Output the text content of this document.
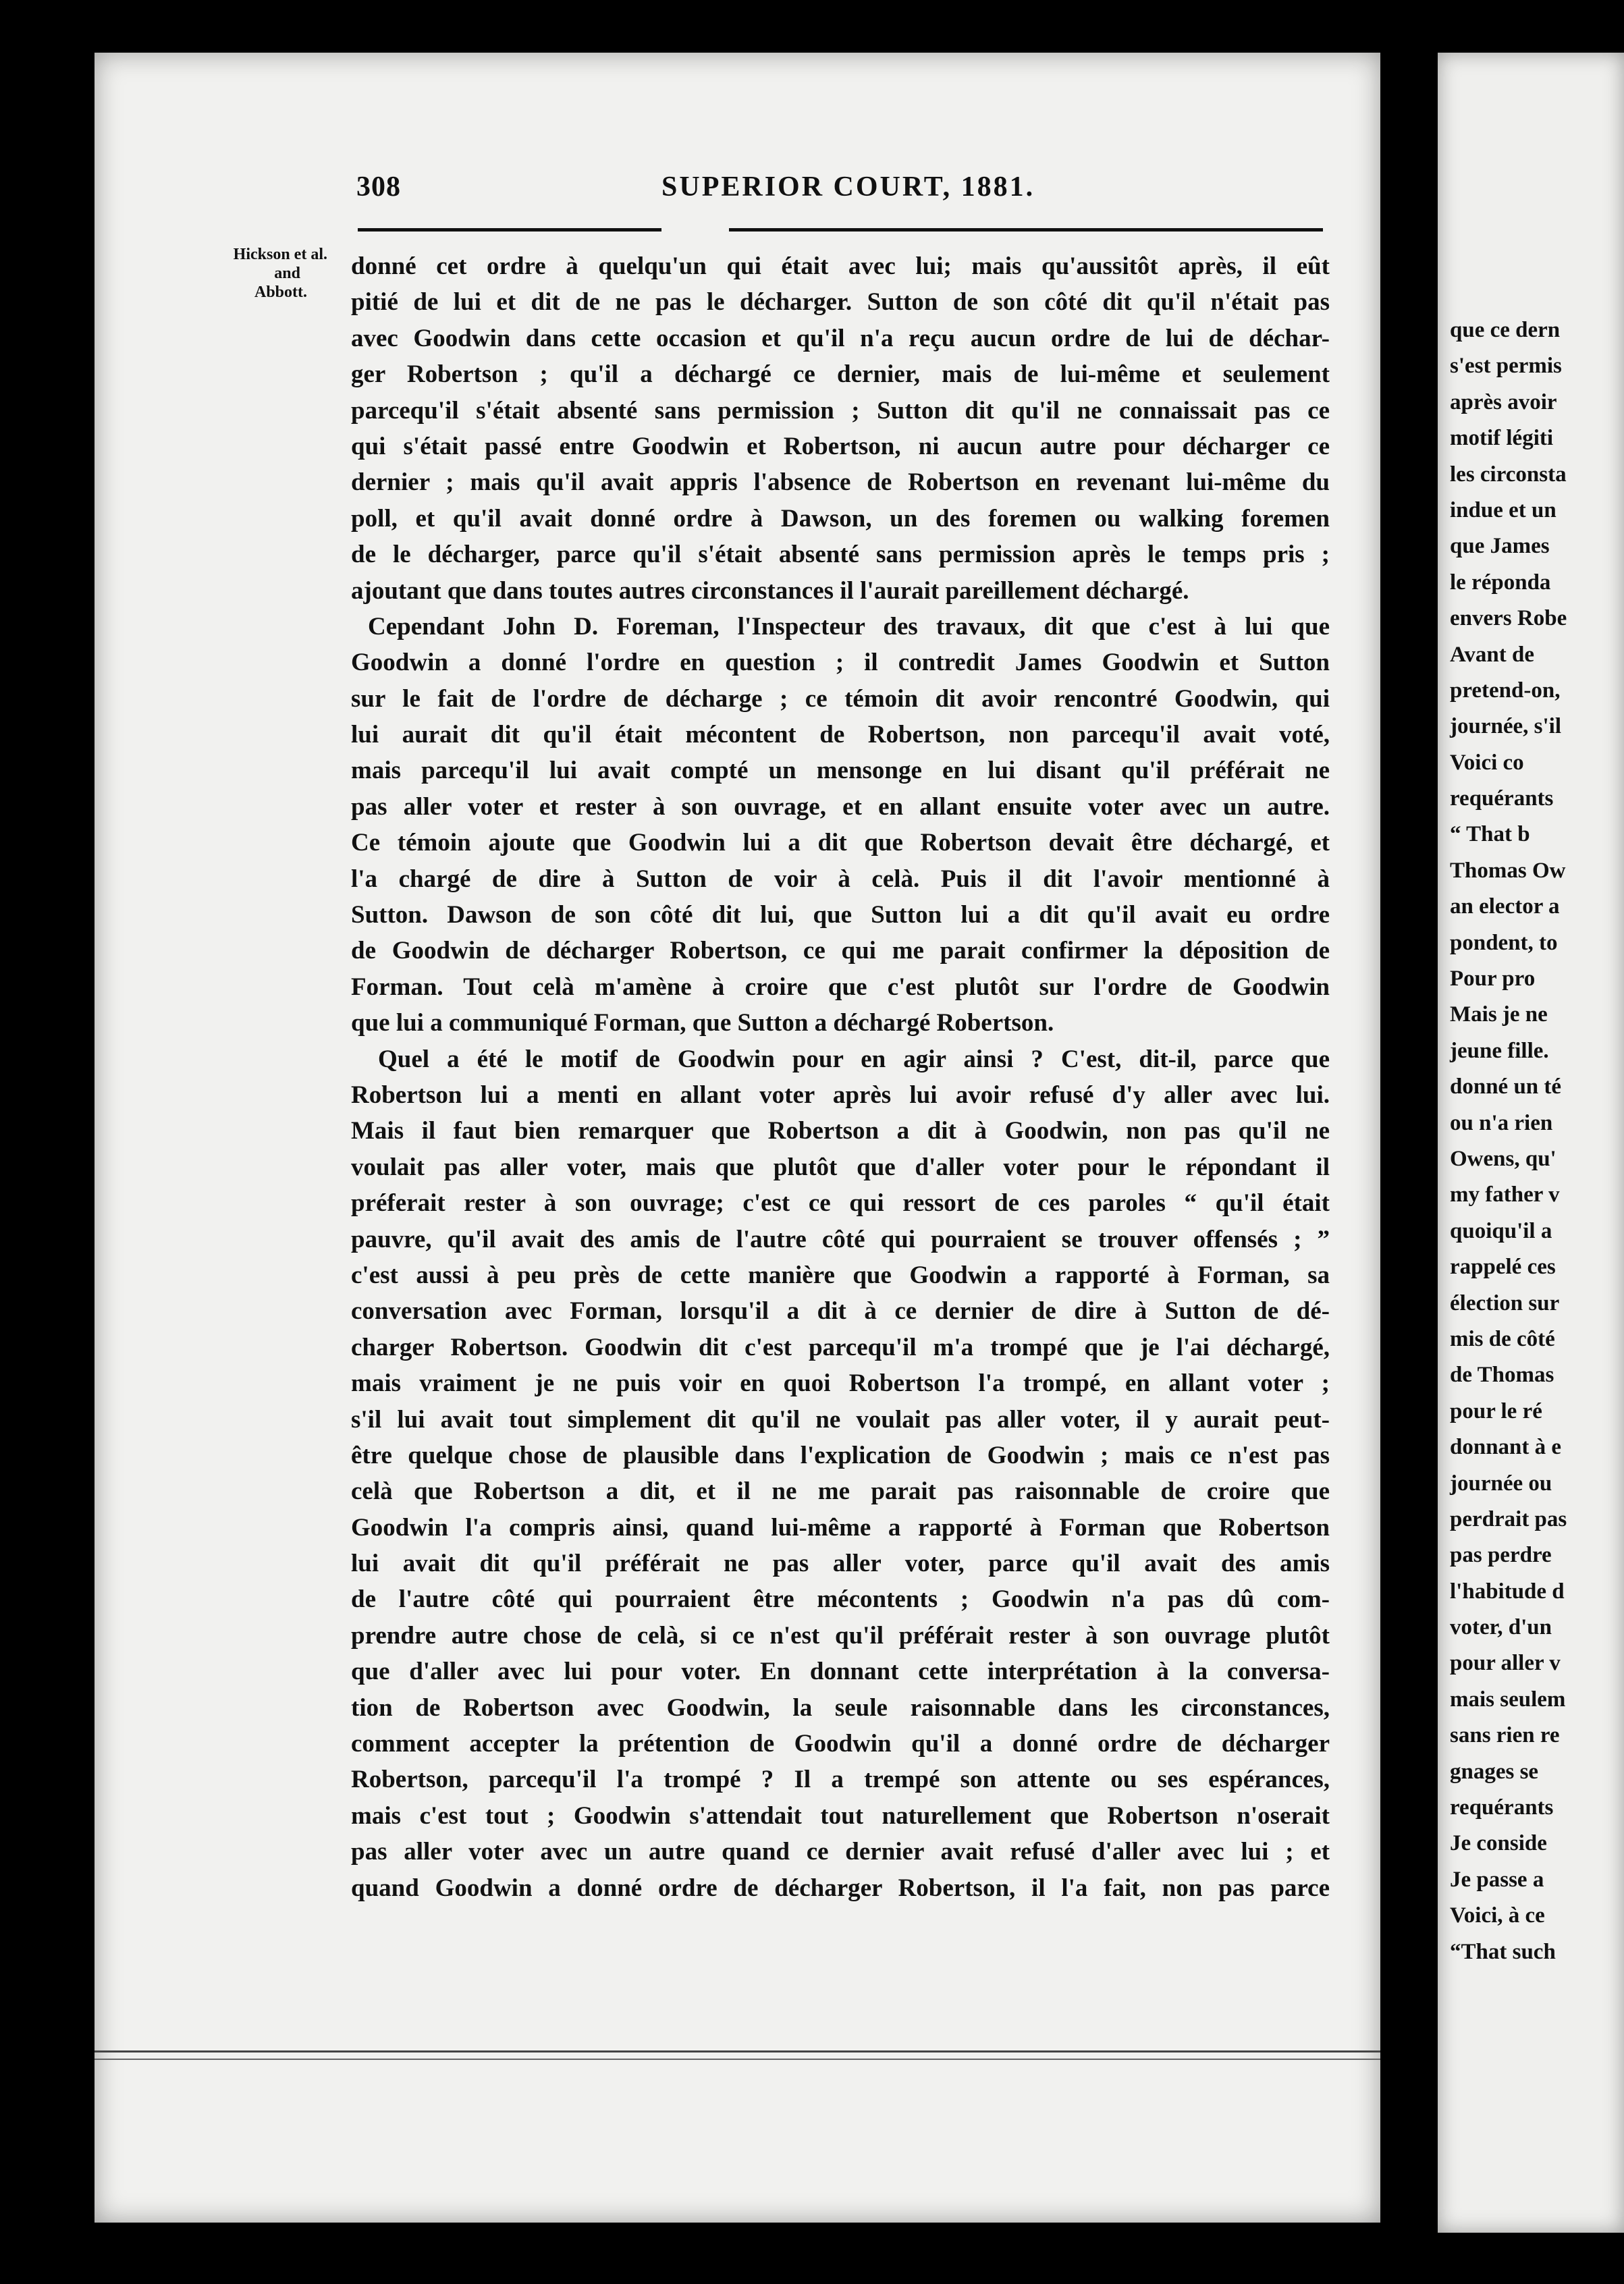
308	SUPERIOR COURT, 1881.
Hickson et al.
and
Abbott.
donné cet ordre à quelqu'un qui était avec lui; mais qu'aussitôt après, il eût
pitié de lui et dit de ne pas le décharger. Sutton de son côté dit qu'il n'était pas
avec Goodwin dans cette occasion et qu'il n'a reçu aucun ordre de lui de déchar-
ger Robertson ; qu'il a déchargé ce dernier, mais de lui-même et seulement
parcequ'il s'était absenté sans permission ; Sutton dit qu'il ne connaissait pas ce
qui s'était passé entre Goodwin et Robertson, ni aucun autre pour décharger ce
dernier ; mais qu'il avait appris l'absence de Robertson en revenant lui-même du
poll, et qu'il avait donné ordre à Dawson, un des foremen ou walking foremen
de le décharger, parce qu'il s'était absenté sans permission après le temps pris ;
ajoutant que dans toutes autres circonstances il l'aurait pareillement déchargé.
Cependant John D. Foreman, l'Inspecteur des travaux, dit que c'est à lui que
Goodwin a donné l'ordre en question ; il contredit James Goodwin et Sutton
sur le fait de l'ordre de décharge ; ce témoin dit avoir rencontré Goodwin, qui
lui aurait dit qu'il était mécontent de Robertson, non parcequ'il avait voté,
mais parcequ'il lui avait compté un mensonge en lui disant qu'il préférait ne
pas aller voter et rester à son ouvrage, et en allant ensuite voter avec un autre.
Ce témoin ajoute que Goodwin lui a dit que Robertson devait être déchargé, et
l'a chargé de dire à Sutton de voir à celà. Puis il dit l'avoir mentionné à
Sutton. Dawson de son côté dit lui, que Sutton lui a dit qu'il avait eu ordre
de Goodwin de décharger Robertson, ce qui me parait confirmer la déposition de
Forman. Tout celà m'amène à croire que c'est plutôt sur l'ordre de Goodwin
que lui a communiqué Forman, que Sutton a déchargé Robertson.
Quel a été le motif de Goodwin pour en agir ainsi ? C'est, dit-il, parce que
Robertson lui a menti en allant voter après lui avoir refusé d'y aller avec lui.
Mais il faut bien remarquer que Robertson a dit à Goodwin, non pas qu'il ne
voulait pas aller voter, mais que plutôt que d'aller voter pour le répondant il
préferait rester à son ouvrage; c'est ce qui ressort de ces paroles “ qu'il était
pauvre, qu'il avait des amis de l'autre côté qui pourraient se trouver offensés ; ”
c'est aussi à peu près de cette manière que Goodwin a rapporté à Forman, sa
conversation avec Forman, lorsqu'il a dit à ce dernier de dire à Sutton de dé-
charger Robertson. Goodwin dit c'est parcequ'il m'a trompé que je l'ai déchargé,
mais vraiment je ne puis voir en quoi Robertson l'a trompé, en allant voter ;
s'il lui avait tout simplement dit qu'il ne voulait pas aller voter, il y aurait peut-
être quelque chose de plausible dans l'explication de Goodwin ; mais ce n'est pas
celà que Robertson a dit, et il ne me parait pas raisonnable de croire que
Goodwin l'a compris ainsi, quand lui-même a rapporté à Forman que Robertson
lui avait dit qu'il préférait ne pas aller voter, parce qu'il avait des amis
de l'autre côté qui pourraient être mécontents ; Goodwin n'a pas dû com-
prendre autre chose de celà, si ce n'est qu'il préférait rester à son ouvrage plutôt
que d'aller avec lui pour voter. En donnant cette interprétation à la conversa-
tion de Robertson avec Goodwin, la seule raisonnable dans les circonstances,
comment accepter la prétention de Goodwin qu'il a donné ordre de décharger
Robertson, parcequ'il l'a trompé ? Il a trempé son attente ou ses espérances,
mais c'est tout ; Goodwin s'attendait tout naturellement que Robertson n'oserait
pas aller voter avec un autre quand ce dernier avait refusé d'aller avec lui ; et
quand Goodwin a donné ordre de décharger Robertson, il l'a fait, non pas parce
que ce dern
s'est permis
après avoir
motif légiti
les circonsta
indue et un
que James
le réponda
envers Robe
Avant de
pretend-on,
journée, s'il
Voici co
requérants
“ That b
Thomas Ow
an elector a
pondent, to
Pour pro
Mais je ne
jeune fille.
donné un té
ou n'a rien
Owens, qu'
my father v
quoiqu'il a
rappelé ces
élection sur
mis de côté
de Thomas
pour le ré
donnant à e
journée ou
perdrait pas
pas perdre
l'habitude d
voter, d'un
pour aller v
mais seulem
sans rien re
gnages se
requérants
Je conside
Je passe a
Voici, à ce
“That such
